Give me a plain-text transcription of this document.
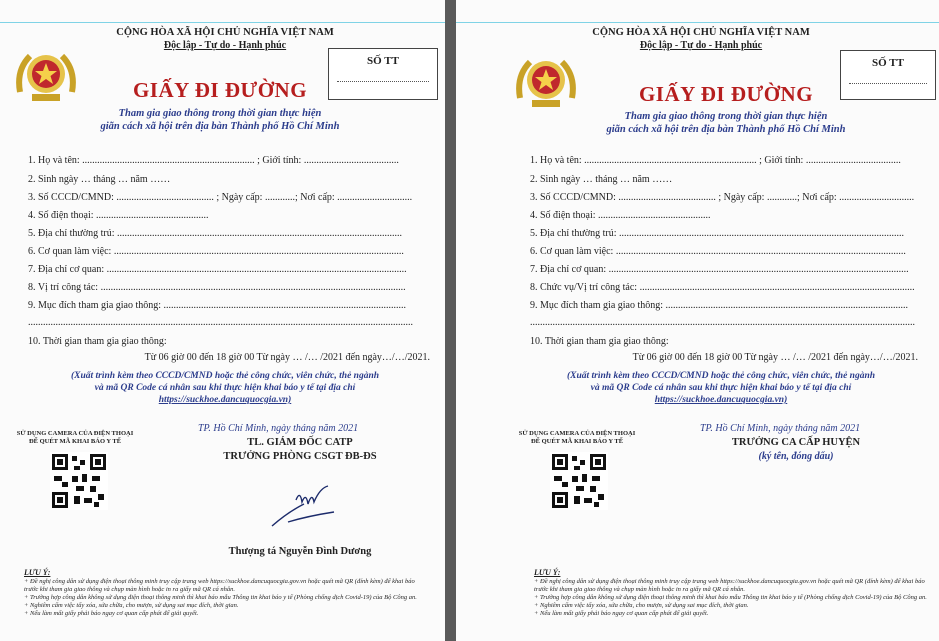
CỘNG HÒA XÃ HỘI CHỦ NGHĨA VIỆT NAM
Độc lập - Tự do - Hạnh phúc
SỐ TT
GIẤY ĐI ĐƯỜNG
Tham gia giao thông trong thời gian thực hiện
giãn cách xã hội trên địa bàn Thành phố Hồ Chí Minh
1. Họ và tên: ..................................................................... ; Giới tính: ......................................
2. Sinh ngày … tháng … năm ……
3. Số CCCD/CMND: ....................................... ; Ngày cấp: ............; Nơi cấp: ..............................
4. Số điện thoại: .............................................
5. Địa chỉ thường trú: ..................................................................................................................
6. Cơ quan làm việc: ....................................................................................................................
7. Địa chỉ cơ quan: ........................................................................................................................
8. Vị trí công tác: ..........................................................................................................................
9. Mục đích tham gia giao thông: .................................................................................................
..........................................................................................................................................................
10. Thời gian tham gia giao thông:
Từ 06 giờ 00 đến 18 giờ 00 Từ ngày … /… /2021 đến ngày…/…/2021.
(Xuất trình kèm theo CCCD/CMND hoặc thẻ công chức, viên chức, thẻ ngành
và mã QR Code cá nhân sau khi thực hiện khai báo y tế tại địa chỉ
https://suckhoe.dancuquocgia.vn)
SỬ DỤNG CAMERA CỦA ĐIỆN THOẠI
ĐỂ QUÉT MÃ KHAI BÁO Y TẾ
TP. Hồ Chí Minh, ngày tháng năm 2021
TL. GIÁM ĐỐC CATP
TRƯỞNG PHÒNG CSGT ĐB-ĐS
Thượng tá Nguyễn Đình Dương
LƯU Ý:
+ Đề nghị công dân sử dụng điện thoại thông minh truy cập trang web https://suckhoe.dancuquocgia.gov.vn hoặc quét mã QR (đính kèm) để khai báo trước khi tham gia giao thông và chụp màn hình hoặc in ra giấy mã QR cá nhân.
+ Trường hợp công dân không sử dụng điện thoại thông minh thì khai báo mẫu Thông tin khai báo y tế (Phòng chống dịch Covid-19) của Bộ Công an.
+ Nghiêm cấm việc tẩy xóa, sửa chữa, cho mượn, sử dụng sai mục đích, thời gian.
+ Nếu làm mất giấy phải báo ngay cơ quan cấp phát để giải quyết.
CỘNG HÒA XÃ HỘI CHỦ NGHĨA VIỆT NAM
Độc lập - Tự do - Hạnh phúc
SỐ TT
GIẤY ĐI ĐƯỜNG
Tham gia giao thông trong thời gian thực hiện
giãn cách xã hội trên địa bàn Thành phố Hồ Chí Minh
1. Họ và tên: ..................................................................... ; Giới tính: ......................................
2. Sinh ngày … tháng … năm ……
3. Số CCCD/CMND: ....................................... ; Ngày cấp: ............; Nơi cấp: ..............................
4. Số điện thoại: .............................................
5. Địa chỉ thường trú: ..................................................................................................................
6. Cơ quan làm việc: ....................................................................................................................
7. Địa chỉ cơ quan: ........................................................................................................................
8. Chức vụ/Vị trí công tác: ..............................................................................................................
9. Mục đích tham gia giao thông: .................................................................................................
..........................................................................................................................................................
10. Thời gian tham gia giao thông:
Từ 06 giờ 00 đến 18 giờ 00 Từ ngày … /… /2021 đến ngày…/…/2021.
(Xuất trình kèm theo CCCD/CMND hoặc thẻ công chức, viên chức, thẻ ngành
và mã QR Code cá nhân sau khi thực hiện khai báo y tế tại địa chỉ
https://suckhoe.dancuquocgia.vn)
SỬ DỤNG CAMERA CỦA ĐIỆN THOẠI
ĐỂ QUÉT MÃ KHAI BÁO Y TẾ
TP. Hồ Chí Minh, ngày tháng năm 2021
TRƯỞNG CA CẤP HUYỆN
(ký tên, đóng dấu)
LƯU Ý:
+ Đề nghị công dân sử dụng điện thoại thông minh truy cập trang web https://suckhoe.dancuquocgia.gov.vn hoặc quét mã QR (đính kèm) để khai báo trước khi tham gia giao thông và chụp màn hình hoặc in ra giấy mã QR cá nhân.
+ Trường hợp công dân không sử dụng điện thoại thông minh thì khai báo mẫu Thông tin khai báo y tế (Phòng chống dịch Covid-19) của Bộ Công an.
+ Nghiêm cấm việc tẩy xóa, sửa chữa, cho mượn, sử dụng sai mục đích, thời gian.
+ Nếu làm mất giấy phải báo ngay cơ quan cấp phát để giải quyết.
